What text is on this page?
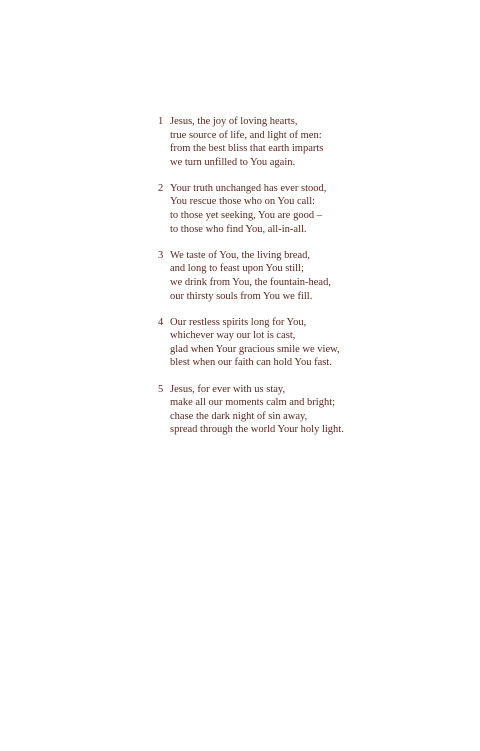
1 Jesus, the joy of loving hearts,
true source of life, and light of men:
from the best bliss that earth imparts
we turn unfilled to You again.
2 Your truth unchanged has ever stood,
You rescue those who on You call:
to those yet seeking, You are good –
to those who find You, all-in-all.
3 We taste of You, the living bread,
and long to feast upon You still;
we drink from You, the fountain-head,
our thirsty souls from You we fill.
4 Our restless spirits long for You,
whichever way our lot is cast,
glad when Your gracious smile we view,
blest when our faith can hold You fast.
5 Jesus, for ever with us stay,
make all our moments calm and bright;
chase the dark night of sin away,
spread through the world Your holy light.
